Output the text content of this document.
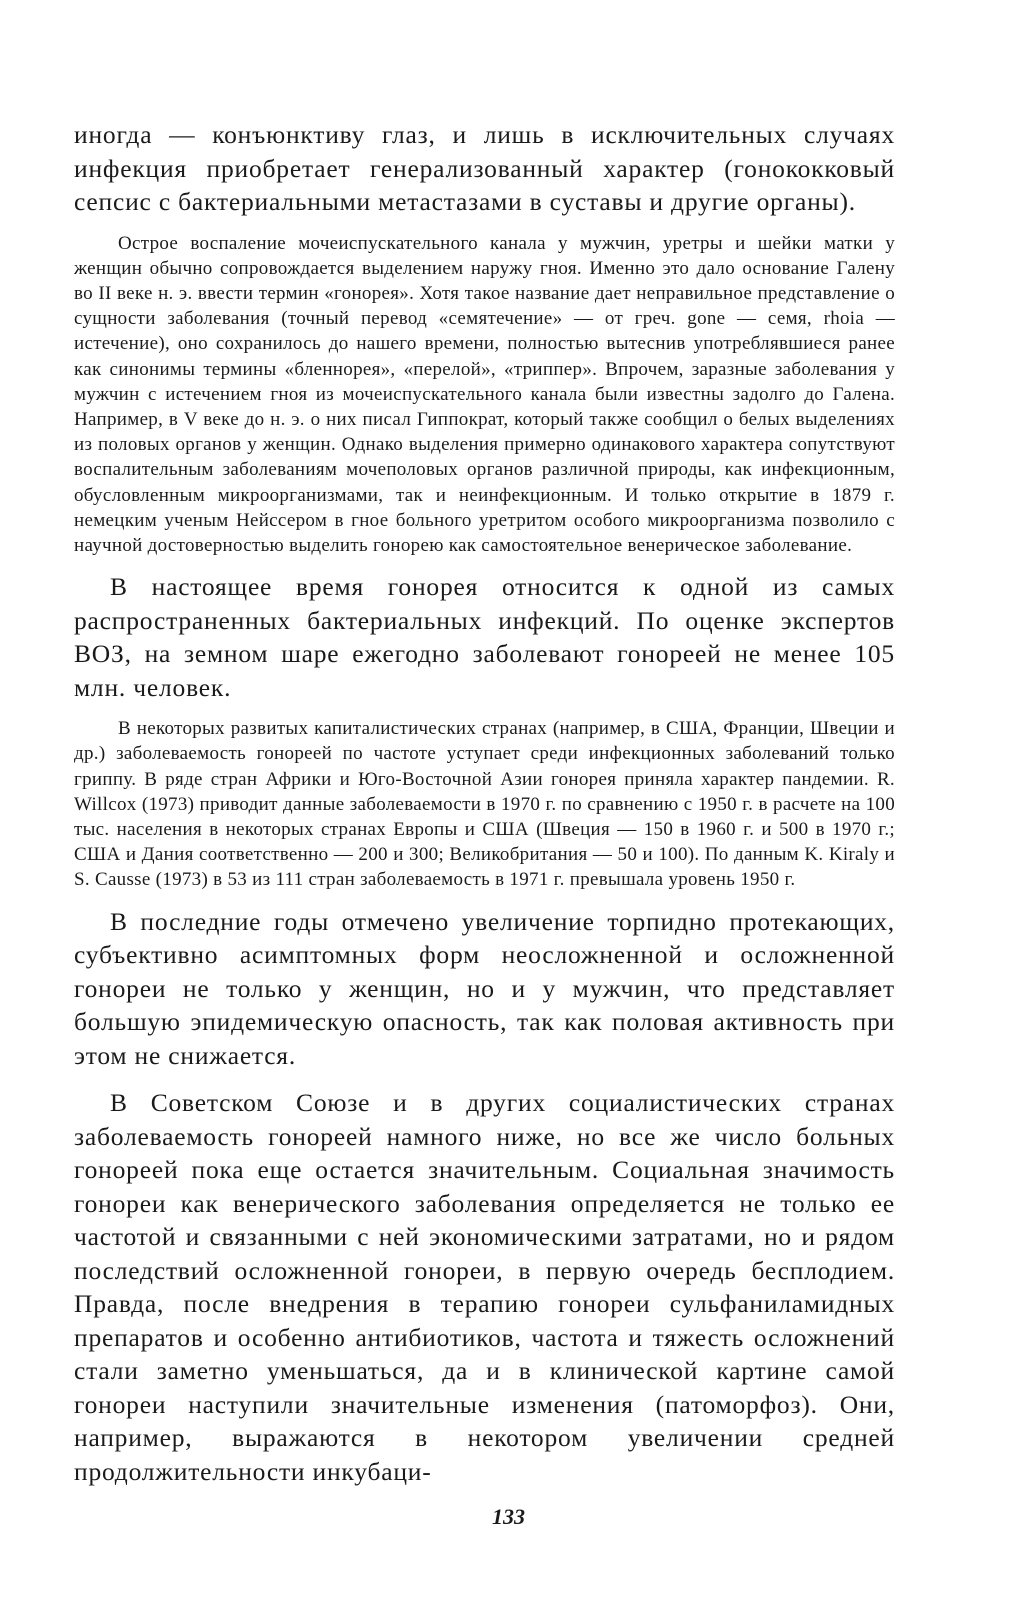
иногда — конъюнктиву глаз, и лишь в исключительных случаях инфекция приобретает генерализованный характер (гонококковый сепсис с бактериальными метастазами в суставы и другие органы).

Острое воспаление мочеиспускательного канала у мужчин, уретры и шейки матки у женщин обычно сопровождается выделением наружу гноя. Именно это дало основание Галену во II веке н. э. ввести термин «гонорея». Хотя такое название дает неправильное представление о сущности заболевания (точный перевод «семятечение» — от греч. gone — семя, rhoia — истечение), оно сохранилось до нашего времени, полностью вытеснив употреблявшиеся ранее как синонимы термины «бленнорея», «перелой», «триппер». Впрочем, заразные заболевания у мужчин с истечением гноя из мочеиспускательного канала были известны задолго до Галена. Например, в V веке до н. э. о них писал Гиппократ, который также сообщил о белых выделениях из половых органов у женщин. Однако выделения примерно одинакового характера сопутствуют воспалительным заболеваниям мочеполовых органов различной природы, как инфекционным, обусловленным микроорганизмами, так и неинфекционным. И только открытие в 1879 г. немецким ученым Нейссером в гное больного уретритом особого микроорганизма позволило с научной достоверностью выделить гонорею как самостоятельное венерическое заболевание.

В настоящее время гонорея относится к одной из самых распространенных бактериальных инфекций. По оценке экспертов ВОЗ, на земном шаре ежегодно заболевают гонореей не менее 105 млн. человек.

В некоторых развитых капиталистических странах (например, в США, Франции, Швеции и др.) заболеваемость гонореей по частоте уступает среди инфекционных заболеваний только гриппу. В ряде стран Африки и Юго-Восточной Азии гонорея приняла характер пандемии. R. Willcox (1973) приводит данные заболеваемости в 1970 г. по сравнению с 1950 г. в расчете на 100 тыс. населения в некоторых странах Европы и США (Швеция — 150 в 1960 г. и 500 в 1970 г.; США и Дания соответственно — 200 и 300; Великобритания — 50 и 100). По данным K. Kiraly и S. Causse (1973) в 53 из 111 стран заболеваемость в 1971 г. превышала уровень 1950 г.

В последние годы отмечено увеличение торпидно протекающих, субъективно асимптомных форм неосложненной и осложненной гонореи не только у женщин, но и у мужчин, что представляет большую эпидемическую опасность, так как половая активность при этом не снижается.

В Советском Союзе и в других социалистических странах заболеваемость гонореей намного ниже, но все же число больных гонореей пока еще остается значительным. Социальная значимость гонореи как венерического заболевания определяется не только ее частотой и связанными с ней экономическими затратами, но и рядом последствий осложненной гонореи, в первую очередь бесплодием. Правда, после внедрения в терапию гонореи сульфаниламидных препаратов и особенно антибиотиков, частота и тяжесть осложнений стали заметно уменьшаться, да и в клинической картине самой гонореи наступили значительные изменения (патоморфоз). Они, например, выражаются в некотором увеличении средней продолжительности инкубаци-

133
